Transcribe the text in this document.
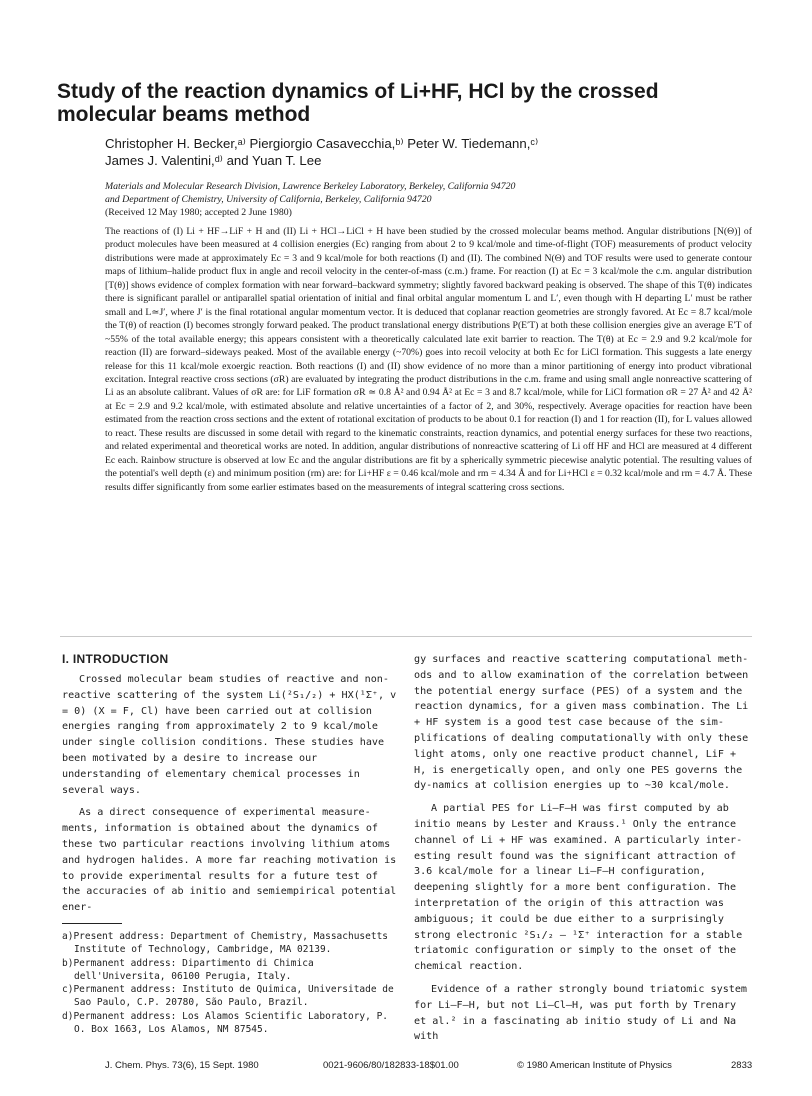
Study of the reaction dynamics of Li+HF, HCl by the crossed molecular beams method
Christopher H. Becker,ᵃ⁾ Piergiorgio Casavecchia,ᵇ⁾ Peter W. Tiedemann,ᶜ⁾
James J. Valentini,ᵈ⁾ and Yuan T. Lee
Materials and Molecular Research Division, Lawrence Berkeley Laboratory, Berkeley, California 94720
and Department of Chemistry, University of California, Berkeley, California 94720
(Received 12 May 1980; accepted 2 June 1980)

The reactions of (I) Li + HF→LiF + H and (II) Li + HCl→LiCl + H have been studied by the crossed molecular beams method. Angular distributions [N(Θ)] of product molecules have been measured at 4 collision energies (Ec) ranging from about 2 to 9 kcal/mole and time-of-flight (TOF) measurements of product velocity distributions were made at approximately Ec = 3 and 9 kcal/mole for both reactions (I) and (II). The combined N(Θ) and TOF results were used to generate contour maps of lithium–halide product flux in angle and recoil velocity in the center-of-mass (c.m.) frame. For reaction (I) at Ec = 3 kcal/mole the c.m. angular distribution [T(θ)] shows evidence of complex formation with near forward–backward symmetry; slightly favored backward peaking is observed. The shape of this T(θ) indicates there is significant parallel or antiparallel spatial orientation of initial and final orbital angular momentum L and L′, even though with H departing L′ must be rather small and L≃J′, where J′ is the final rotational angular momentum vector. It is deduced that coplanar reaction geometries are strongly favored. At Ec = 8.7 kcal/mole the T(θ) of reaction (I) becomes strongly forward peaked. The product translational energy distributions P(E′T) at both these collision energies give an average E′T of ~55% of the total available energy; this appears consistent with a theoretically calculated late exit barrier to reaction. The T(θ) at Ec = 2.9 and 9.2 kcal/mole for reaction (II) are forward–sideways peaked. Most of the available energy (~70%) goes into recoil velocity at both Ec for LiCl formation. This suggests a late energy release for this 11 kcal/mole exoergic reaction. Both reactions (I) and (II) show evidence of no more than a minor partitioning of energy into product vibrational excitation. Integral reactive cross sections (σR) are evaluated by integrating the product distributions in the c.m. frame and using small angle nonreactive scattering of Li as an absolute calibrant. Values of σR are: for LiF formation σR ≃ 0.8 Å² and 0.94 Å² at Ec = 3 and 8.7 kcal/mole, while for LiCl formation σR = 27 Å² and 42 Å² at Ec = 2.9 and 9.2 kcal/mole, with estimated absolute and relative uncertainties of a factor of 2, and 30%, respectively. Average opacities for reaction have been estimated from the reaction cross sections and the extent of rotational excitation of products to be about 0.1 for reaction (I) and 1 for reaction (II), for L values allowed to react. These results are discussed in some detail with regard to the kinematic constraints, reaction dynamics, and potential energy surfaces for these two reactions, and related experimental and theoretical works are noted. In addition, angular distributions of nonreactive scattering of Li off HF and HCl are measured at 4 different Ec each. Rainbow structure is observed at low Ec and the angular distributions are fit by a spherically symmetric piecewise analytic potential. The resulting values of the potential's well depth (ε) and minimum position (rm) are: for Li+HF ε = 0.46 kcal/mole and rm = 4.34 Å and for Li+HCl ε = 0.32 kcal/mole and rm = 4.7 Å. These results differ significantly from some earlier estimates based on the measurements of integral scattering cross sections.

I. INTRODUCTION

Crossed molecular beam studies of reactive and non-reactive scattering of the system Li(²S₁/₂) + HX(¹Σ⁺, v = 0) (X = F, Cl) have been carried out at collision energies ranging from approximately 2 to 9 kcal/mole under single collision conditions. These studies have been motivated by a desire to increase our understanding of elementary chemical processes in several ways.

As a direct consequence of experimental measure-ments, information is obtained about the dynamics of these two particular reactions involving lithium atoms and hydrogen halides. A more far reaching motivation is to provide experimental results for a future test of the accuracies of ab initio and semiempirical potential ener-

a)Present address: Department of Chemistry, Massachusetts Institute of Technology, Cambridge, MA 02139.

b)Permanent address: Dipartimento di Chimica dell'Universita, 06100 Perugia, Italy.

c)Permanent address: Instituto de Quimica, Universitade de Sao Paulo, C.P. 20780, São Paulo, Brazil.

d)Permanent address: Los Alamos Scientific Laboratory, P. O. Box 1663, Los Alamos, NM 87545.

gy surfaces and reactive scattering computational meth-ods and to allow examination of the correlation between the potential energy surface (PES) of a system and the reaction dynamics, for a given mass combination. The Li + HF system is a good test case because of the sim-plifications of dealing computationally with only these light atoms, only one reactive product channel, LiF + H, is energetically open, and only one PES governs the dy-namics at collision energies up to ~30 kcal/mole.

A partial PES for Li–F–H was first computed by ab initio means by Lester and Krauss.¹ Only the entrance channel of Li + HF was examined. A particularly inter-esting result found was the significant attraction of 3.6 kcal/mole for a linear Li–F–H configuration, deepening slightly for a more bent configuration. The interpretation of the origin of this attraction was ambiguous; it could be due either to a surprisingly strong electronic ²S₁/₂ – ¹Σ⁺ interaction for a stable triatomic configuration or simply to the onset of the chemical reaction.

Evidence of a rather strongly bound triatomic system for Li–F–H, but not Li–Cl–H, was put forth by Trenary et al.² in a fascinating ab initio study of Li and Na with

J. Chem. Phys. 73(6), 15 Sept. 1980	0021-9606/80/182833-18$01.00	© 1980 American Institute of Physics	2833
